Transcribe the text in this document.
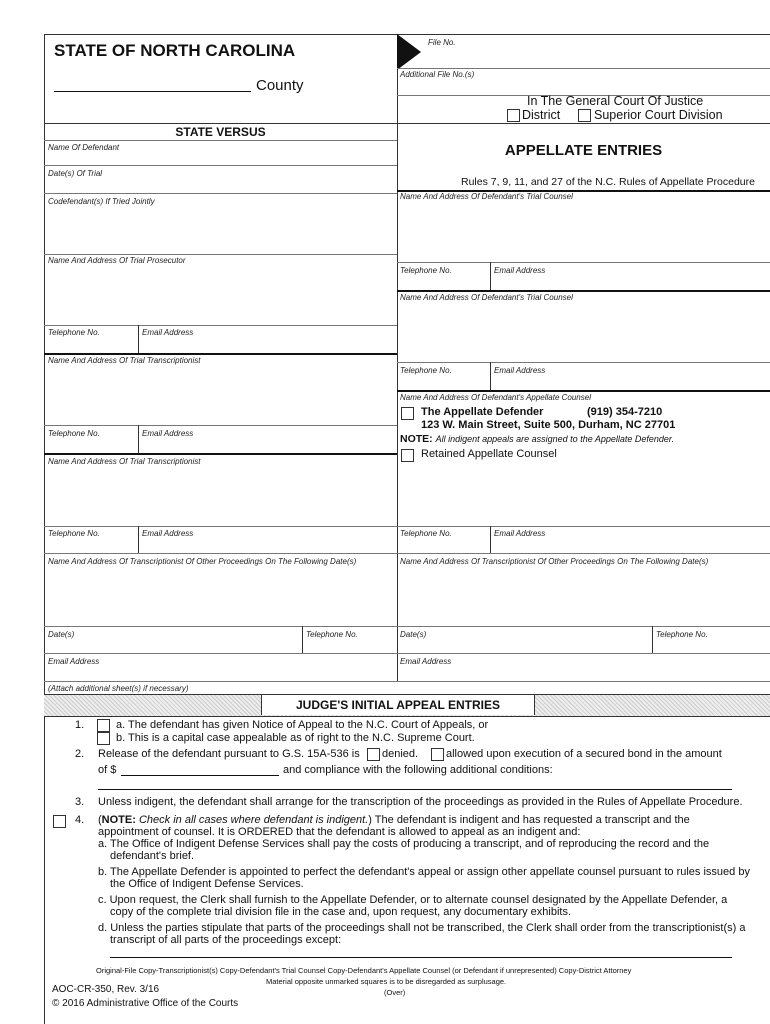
STATE OF NORTH CAROLINA
County
File No.
Additional File No.(s)
In The General Court Of Justice
District	Superior Court Division
STATE VERSUS
Name Of Defendant
Date(s) Of Trial
Codefendant(s) If Tried Jointly
Name And Address Of Trial Prosecutor
Telephone No.	Email Address
Name And Address Of Trial Transcriptionist
Telephone No.	Email Address
Name And Address Of Trial Transcriptionist
Telephone No.	Email Address
Name And Address Of Transcriptionist Of Other Proceedings On The Following Date(s)
Date(s)	Telephone No.
Email Address
(Attach additional sheet(s) if necessary)
APPELLATE ENTRIES
Rules 7, 9, 11, and 27 of the N.C. Rules of Appellate Procedure
Name And Address Of Defendant's Trial Counsel
Telephone No.	Email Address
Name And Address Of Defendant's Trial Counsel
Telephone No.	Email Address
Name And Address Of Defendant's Appellate Counsel
The Appellate Defender	(919) 354-7210
123 W. Main Street, Suite 500, Durham, NC 27701
NOTE: All indigent appeals are assigned to the Appellate Defender.
Retained Appellate Counsel
Telephone No.	Email Address
Name And Address Of Transcriptionist Of Other Proceedings On The Following Date(s)
Date(s)	Telephone No.
Email Address
JUDGE'S INITIAL APPEAL ENTRIES
1.	a. The defendant has given Notice of Appeal to the N.C. Court of Appeals, or
b. This is a capital case appealable as of right to the N.C. Supreme Court.
2. Release of the defendant pursuant to G.S. 15A-536 is denied.	allowed upon execution of a secured bond in the amount
of $	and compliance with the following additional conditions:
3. Unless indigent, the defendant shall arrange for the transcription of the proceedings as provided in the Rules of Appellate Procedure.
4. (NOTE: Check in all cases where defendant is indigent.) The defendant is indigent and has requested a transcript and the appointment of counsel. It is ORDERED that the defendant is allowed to appeal as an indigent and:
a. The Office of Indigent Defense Services shall pay the costs of producing a transcript, and of reproducing the record and the defendant's brief.
b. The Appellate Defender is appointed to perfect the defendant's appeal or assign other appellate counsel pursuant to rules issued by the Office of Indigent Defense Services.
c. Upon request, the Clerk shall furnish to the Appellate Defender, or to alternate counsel designated by the Appellate Defender, a copy of the complete trial division file in the case and, upon request, any documentary exhibits.
d. Unless the parties stipulate that parts of the proceedings shall not be transcribed, the Clerk shall order from the transcriptionist(s) a transcript of all parts of the proceedings except:
Original-File Copy-Transcriptionist(s) Copy-Defendant's Trial Counsel Copy-Defendant's Appellate Counsel (or Defendant if unrepresented) Copy-District Attorney
Material opposite unmarked squares is to be disregarded as surplusage.
(Over)
AOC-CR-350, Rev. 3/16
© 2016 Administrative Office of the Courts
